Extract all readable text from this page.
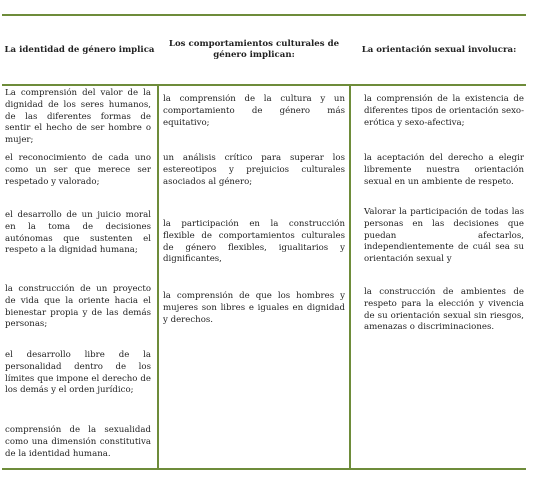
La identidad de género implica
Los comportamientos culturales de género implican:
La orientación sexual involucra:

La comprensión del valor de la dignidad de los seres humanos, de las diferentes formas de sentir el hecho de ser hombre o mujer;

el reconocimiento de cada uno como un ser que merece ser respetado y valorado;

el desarrollo de un juicio moral en la toma de decisiones autónomas que sustenten el respeto a la dignidad humana;

la construcción de un proyecto de vida que la oriente hacia el bienestar propia y de las demás personas;

el desarrollo libre de la personalidad dentro de los límites que impone el derecho de los demás y el orden jurídico;

comprensión de la sexualidad como una dimensión constitutiva de la identidad humana.

la comprensión de la cultura y un comportamiento de género más equitativo;

un análisis crítico para superar los estereotipos y prejuicios culturales asociados al género;

la participación en la construcción flexible de comportamientos culturales de género flexibles, igualitarios y dignificantes,

la comprensión de que los hombres y mujeres son libres e iguales en dignidad y derechos.

la comprensión de la existencia de diferentes tipos de orientación sexo-erótica y sexo-afectiva;

la aceptación del derecho a elegir libremente nuestra orientación sexual en un ambiente de respeto.

Valorar la participación de todas las personas en las decisiones que puedan afectarlos, independientemente de cuál sea su orientación sexual y

la construcción de ambientes de respeto para la elección y vivencia de su orientación sexual sin riesgos, amenazas o discriminaciones.
